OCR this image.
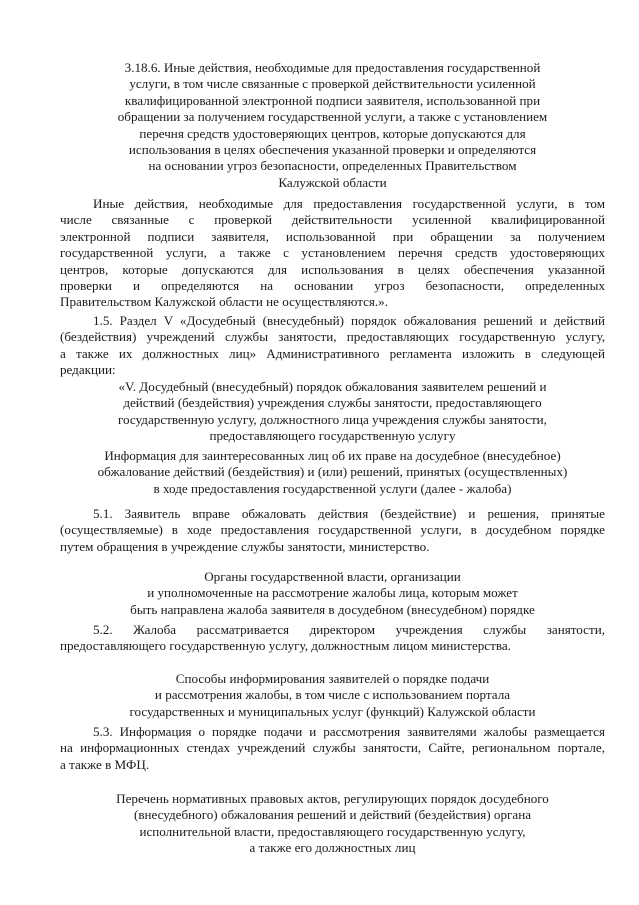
3.18.6. Иные действия, необходимые для предоставления государственной
услуги, в том числе связанные с проверкой действительности усиленной
квалифицированной электронной подписи заявителя, использованной при
обращении за получением государственной услуги, а также с установлением
перечня средств удостоверяющих центров, которые допускаются для
использования в целях обеспечения указанной проверки и определяются
на основании угроз безопасности, определенных Правительством
Калужской области
Иные действия, необходимые для предоставления государственной услуги, в том
числе связанные с проверкой действительности усиленной квалифицированной
электронной подписи заявителя, использованной при обращении за получением
государственной услуги, а также с установлением перечня средств удостоверяющих
центров, которые допускаются для использования в целях обеспечения указанной
проверки и определяются на основании угроз безопасности, определенных
Правительством Калужской области не осуществляются.».
1.5. Раздел V «Досудебный (внесудебный) порядок обжалования решений и действий
(бездействия) учреждений службы занятости, предоставляющих государственную услугу,
а также их должностных лиц» Административного регламента изложить в следующей
редакции:
«V. Досудебный (внесудебный) порядок обжалования заявителем решений и
действий (бездействия) учреждения службы занятости, предоставляющего
государственную услугу, должностного лица учреждения службы занятости,
предоставляющего государственную услугу
Информация для заинтересованных лиц об их праве на досудебное (внесудебное)
обжалование действий (бездействия) и (или) решений, принятых (осуществленных)
в ходе предоставления государственной услуги (далее - жалоба)
5.1. Заявитель вправе обжаловать действия (бездействие) и решения, принятые
(осуществляемые) в ходе предоставления государственной услуги, в досудебном порядке
путем обращения в учреждение службы занятости, министерство.
Органы государственной власти, организации
и уполномоченные на рассмотрение жалобы лица, которым может
быть направлена жалоба заявителя в досудебном (внесудебном) порядке
5.2. Жалоба рассматривается директором учреждения службы занятости,
предоставляющего государственную услугу, должностным лицом министерства.
Способы информирования заявителей о порядке подачи
и рассмотрения жалобы, в том числе с использованием портала
государственных и муниципальных услуг (функций) Калужской области
5.3. Информация о порядке подачи и рассмотрения заявителями жалобы размещается
на информационных стендах учреждений службы занятости, Сайте, региональном портале,
а также в МФЦ.
Перечень нормативных правовых актов, регулирующих порядок досудебного
(внесудебного) обжалования решений и действий (бездействия) органа
исполнительной власти, предоставляющего государственную услугу,
а также его должностных лиц
